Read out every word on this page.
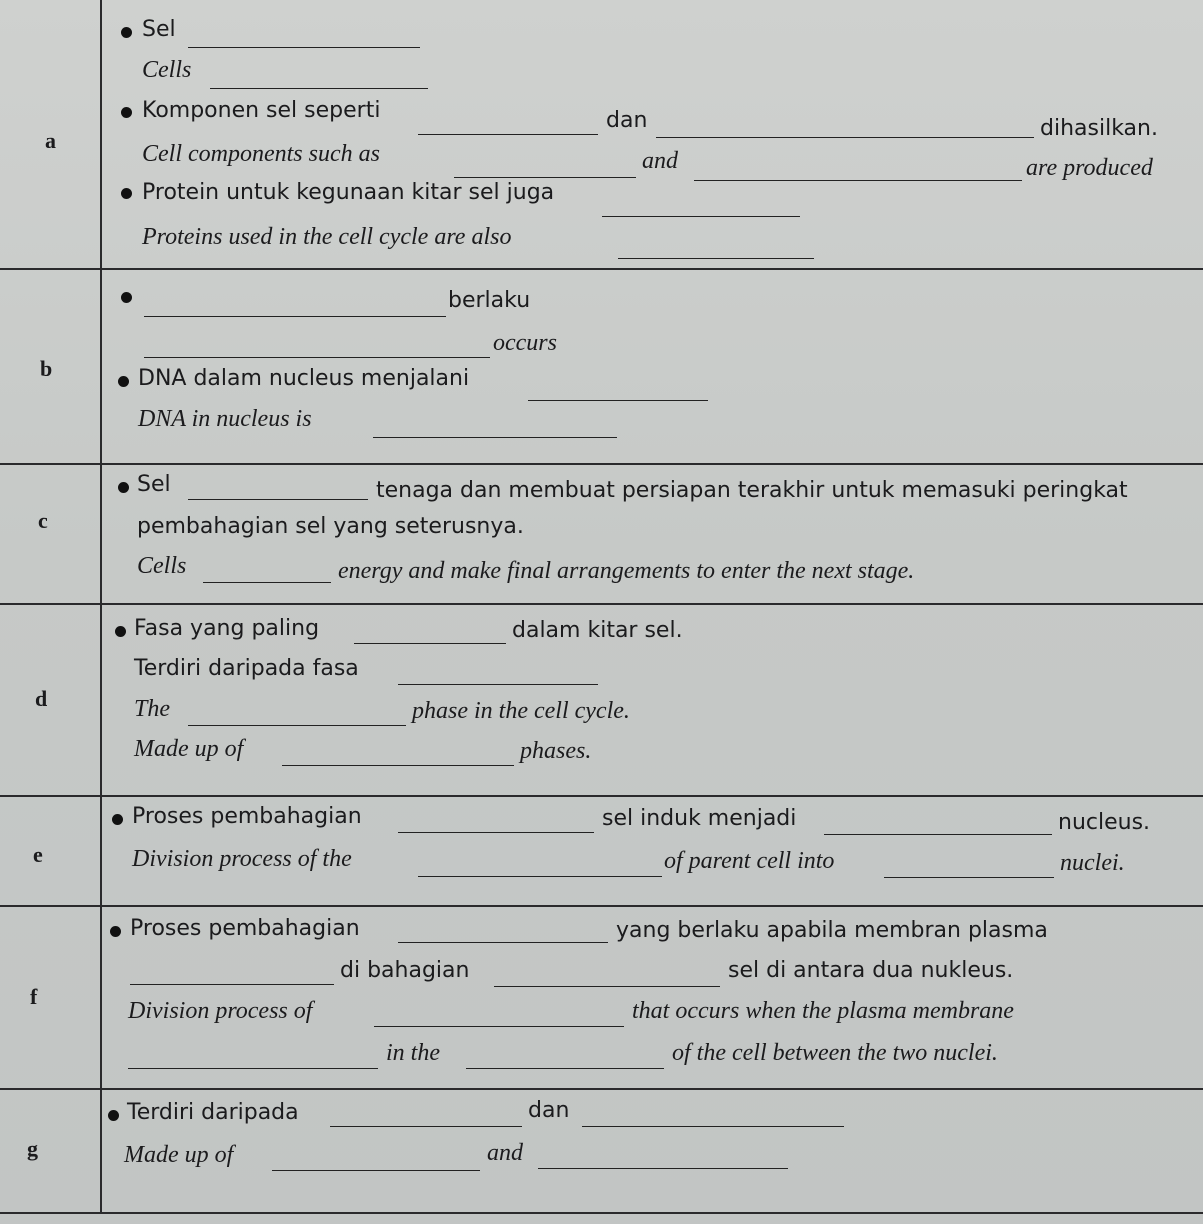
a
Sel
Cells
Komponen sel seperti	dan	dihasilkan.
Cell components such as	and	are produced
Protein untuk kegunaan kitar sel juga
Proteins used in the cell cycle are also
b
berlaku
occurs
DNA dalam nucleus menjalani
DNA in nucleus is
c
Sel	tenaga dan membuat persiapan terakhir untuk memasuki peringkat
pembahagian sel yang seterusnya.
Cells	energy and make final arrangements to enter the next stage.
d
Fasa yang paling	dalam kitar sel.
Terdiri daripada fasa
The	phase in the cell cycle.
Made up of	phases.
e
Proses pembahagian	sel induk menjadi	nucleus.
Division process of the	of parent cell into	nuclei.
f
Proses pembahagian	yang berlaku apabila membran plasma
di bahagian	sel di antara dua nukleus.
Division process of	that occurs when the plasma membrane
in the	of the cell between the two nuclei.
g
Terdiri daripada	dan
Made up of	and
